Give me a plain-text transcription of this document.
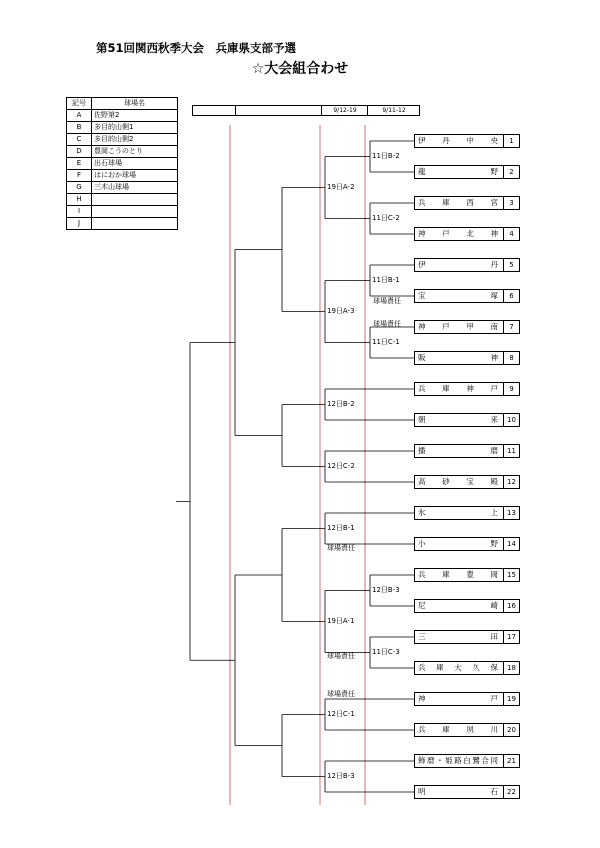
第51回関西秋季大会　兵庫県支部予選
☆大会組合わせ
記号	球場名
A	佐野第2
B	多目的山側1
C	多目的山側2
D	豊岡こうのとり
E	出石球場
F	はにおか球場
G	三木山球場
H	
I	
J	
9/12-19	9/11-12
伊丹中央	1
龍野	2
兵庫西宮	3
神戸北神	4
伊丹	5
宝塚	6
神戸甲南	7
販神	8
兵庫神戸	9
朝来	10
播磨	11
高砂宝殿	12
氷上	13
小野	14
兵庫豊岡	15
尼崎	16
三田	17
兵庫大久保	18
神戸	19
兵庫夙川	20
飾磨・姫路白鷺合同	21
明石	22
11日B-2
11日C-2
11日B-1
11日C-1
12日B-3
11日C-3
19日A-2
19日A-3
12日B-2
12日C-2
12日B-1
19日A-1
12日C-1
12日B-3
球場責任
球場責任
球場責任
球場責任
球場責任
